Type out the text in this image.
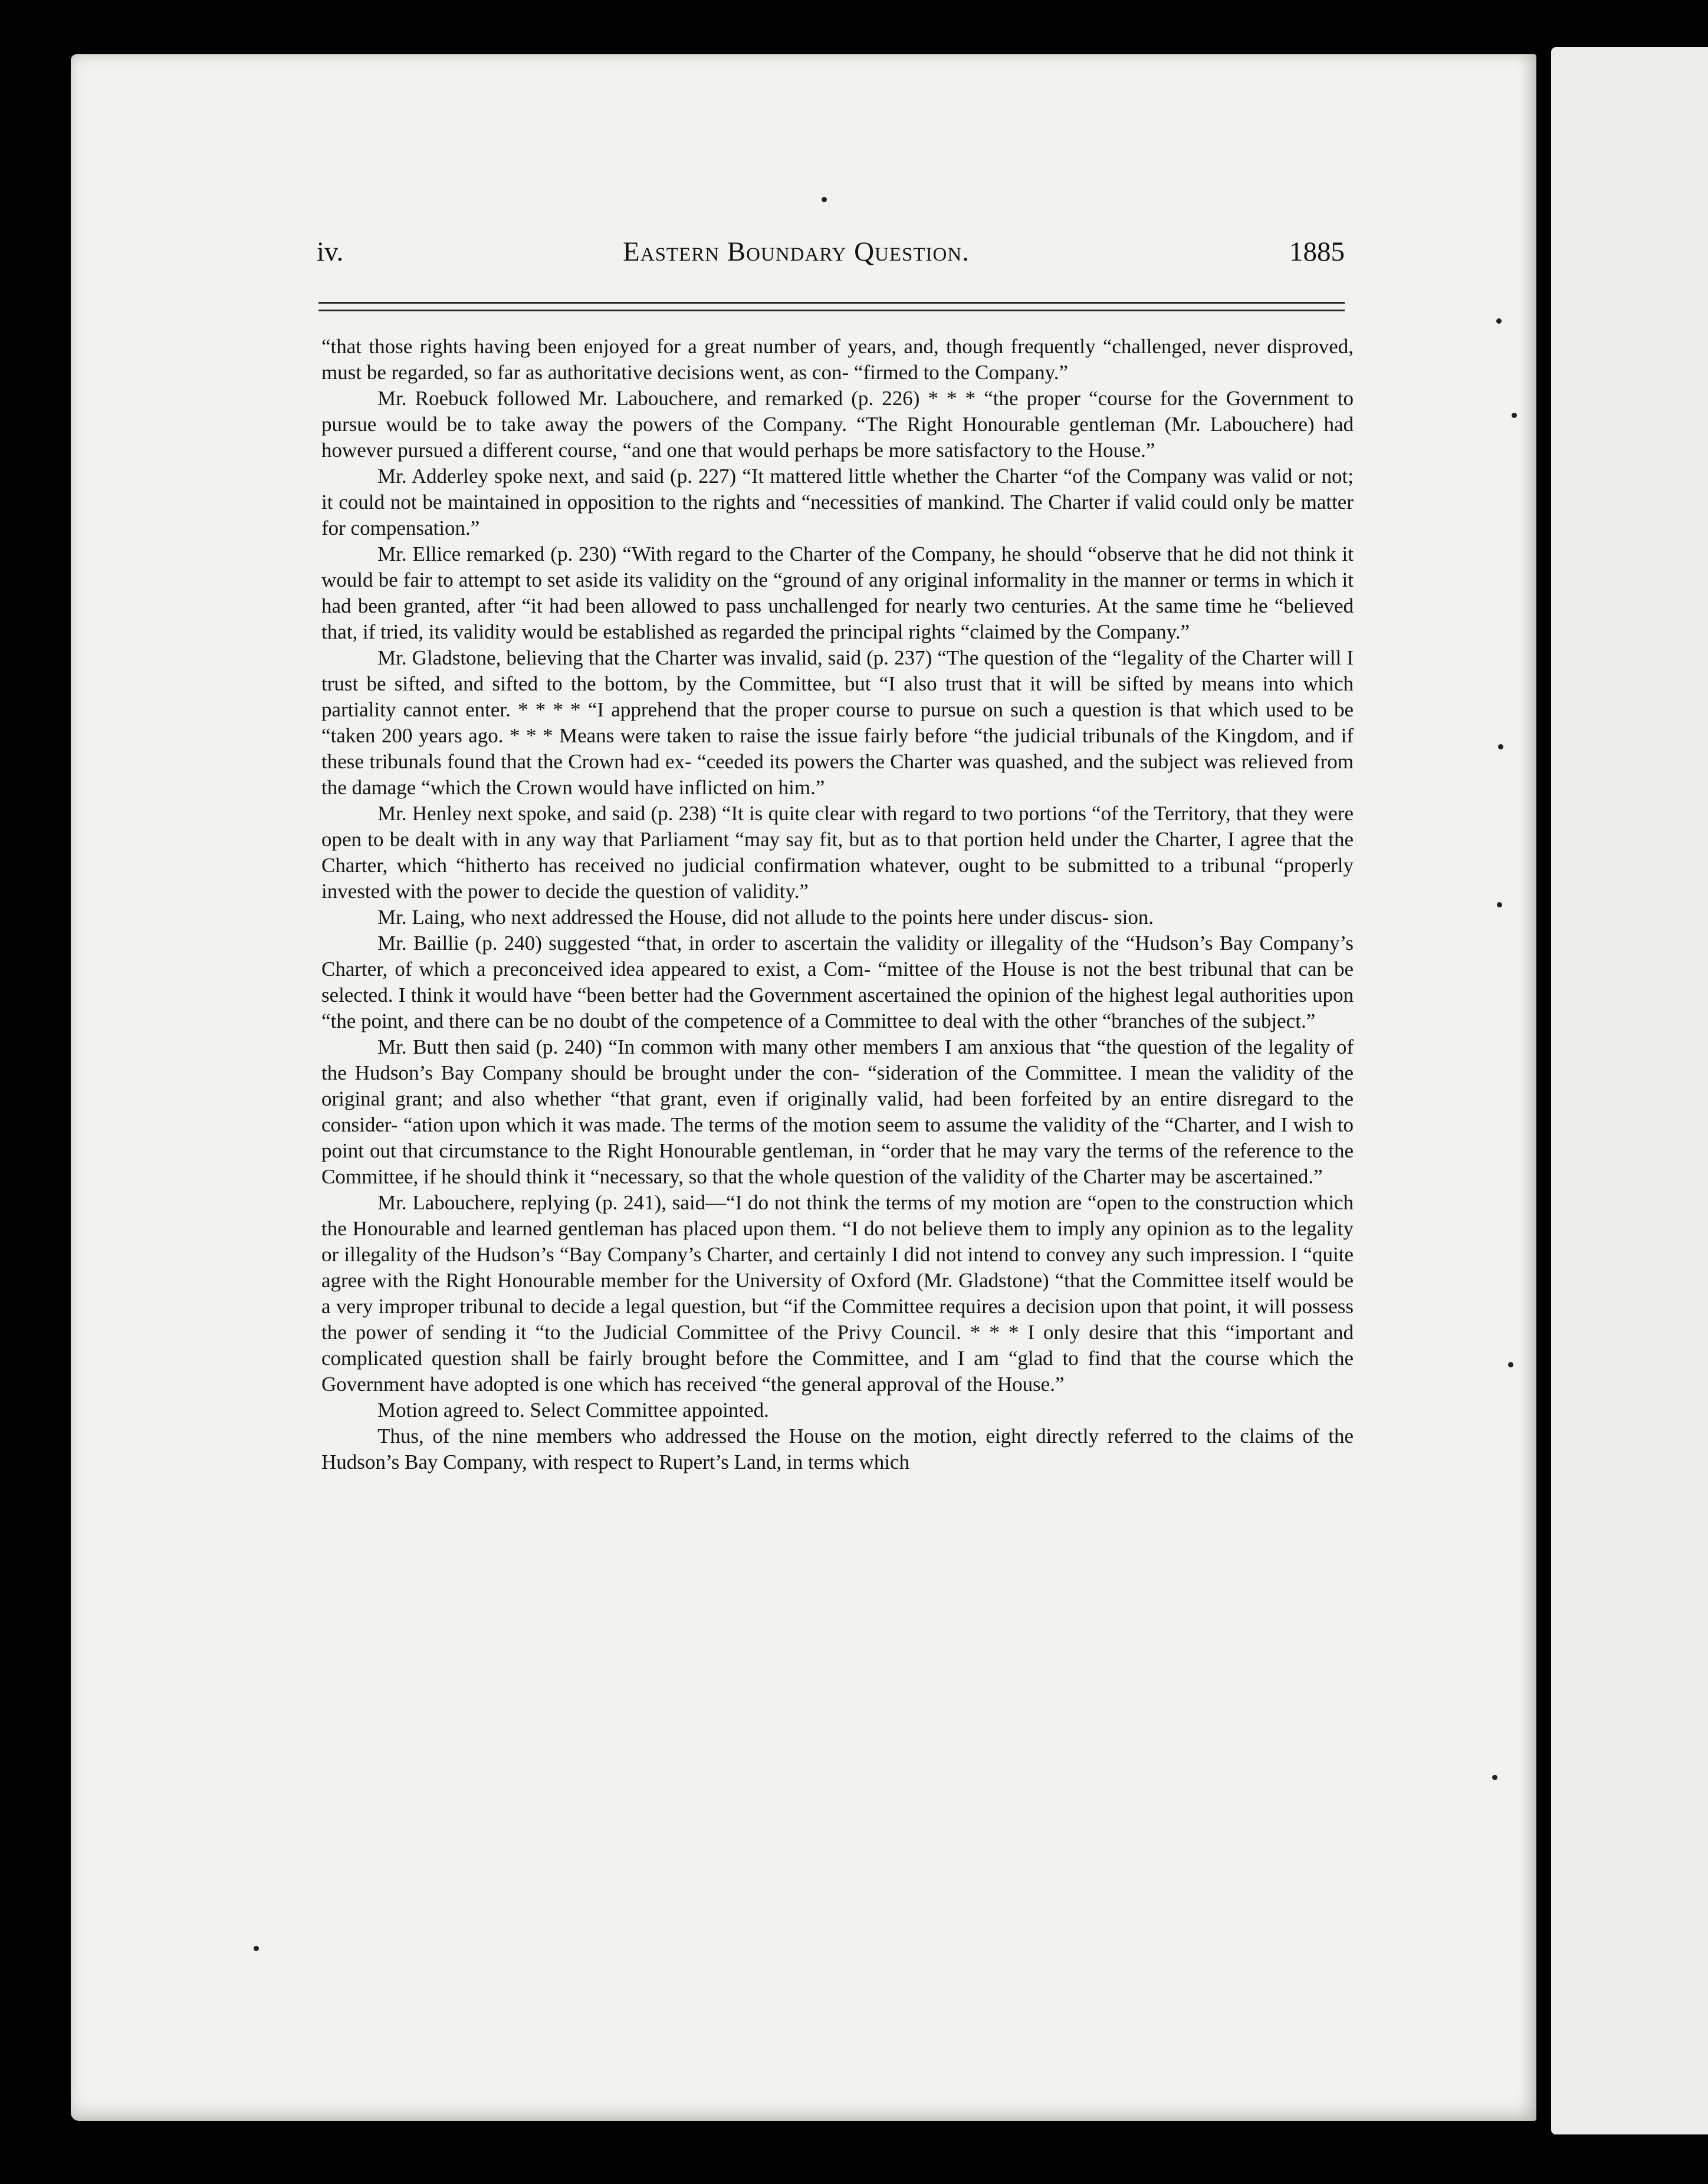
iv.	Eastern Boundary Question.	1885

“that those rights having been enjoyed for a great number of years, and, though frequently “challenged, never disproved, must be regarded, so far as authoritative decisions went, as con- “firmed to the Company.”

Mr. Roebuck followed Mr. Labouchere, and remarked (p. 226) * * * “the proper “course for the Government to pursue would be to take away the powers of the Company. “The Right Honourable gentleman (Mr. Labouchere) had however pursued a different course, “and one that would perhaps be more satisfactory to the House.”

Mr. Adderley spoke next, and said (p. 227) “It mattered little whether the Charter “of the Company was valid or not; it could not be maintained in opposition to the rights and “necessities of mankind. The Charter if valid could only be matter for compensation.”

Mr. Ellice remarked (p. 230) “With regard to the Charter of the Company, he should “observe that he did not think it would be fair to attempt to set aside its validity on the “ground of any original informality in the manner or terms in which it had been granted, after “it had been allowed to pass unchallenged for nearly two centuries. At the same time he “believed that, if tried, its validity would be established as regarded the principal rights “claimed by the Company.”

Mr. Gladstone, believing that the Charter was invalid, said (p. 237) “The question of the “legality of the Charter will I trust be sifted, and sifted to the bottom, by the Committee, but “I also trust that it will be sifted by means into which partiality cannot enter. * * * * “I apprehend that the proper course to pursue on such a question is that which used to be “taken 200 years ago. * * * Means were taken to raise the issue fairly before “the judicial tribunals of the Kingdom, and if these tribunals found that the Crown had ex- “ceeded its powers the Charter was quashed, and the subject was relieved from the damage “which the Crown would have inflicted on him.”

Mr. Henley next spoke, and said (p. 238) “It is quite clear with regard to two portions “of the Territory, that they were open to be dealt with in any way that Parliament “may say fit, but as to that portion held under the Charter, I agree that the Charter, which “hitherto has received no judicial confirmation whatever, ought to be submitted to a tribunal “properly invested with the power to decide the question of validity.”

Mr. Laing, who next addressed the House, did not allude to the points here under discus- sion.

Mr. Baillie (p. 240) suggested “that, in order to ascertain the validity or illegality of the “Hudson’s Bay Company’s Charter, of which a preconceived idea appeared to exist, a Com- “mittee of the House is not the best tribunal that can be selected. I think it would have “been better had the Government ascertained the opinion of the highest legal authorities upon “the point, and there can be no doubt of the competence of a Committee to deal with the other “branches of the subject.”

Mr. Butt then said (p. 240) “In common with many other members I am anxious that “the question of the legality of the Hudson’s Bay Company should be brought under the con- “sideration of the Committee. I mean the validity of the original grant; and also whether “that grant, even if originally valid, had been forfeited by an entire disregard to the consider- “ation upon which it was made. The terms of the motion seem to assume the validity of the “Charter, and I wish to point out that circumstance to the Right Honourable gentleman, in “order that he may vary the terms of the reference to the Committee, if he should think it “necessary, so that the whole question of the validity of the Charter may be ascertained.”

Mr. Labouchere, replying (p. 241), said—“I do not think the terms of my motion are “open to the construction which the Honourable and learned gentleman has placed upon them. “I do not believe them to imply any opinion as to the legality or illegality of the Hudson’s “Bay Company’s Charter, and certainly I did not intend to convey any such impression. I “quite agree with the Right Honourable member for the University of Oxford (Mr. Gladstone) “that the Committee itself would be a very improper tribunal to decide a legal question, but “if the Committee requires a decision upon that point, it will possess the power of sending it “to the Judicial Committee of the Privy Council. * * * I only desire that this “important and complicated question shall be fairly brought before the Committee, and I am “glad to find that the course which the Government have adopted is one which has received “the general approval of the House.”

Motion agreed to. Select Committee appointed.

Thus, of the nine members who addressed the House on the motion, eight directly referred to the claims of the Hudson’s Bay Company, with respect to Rupert’s Land, in terms which
